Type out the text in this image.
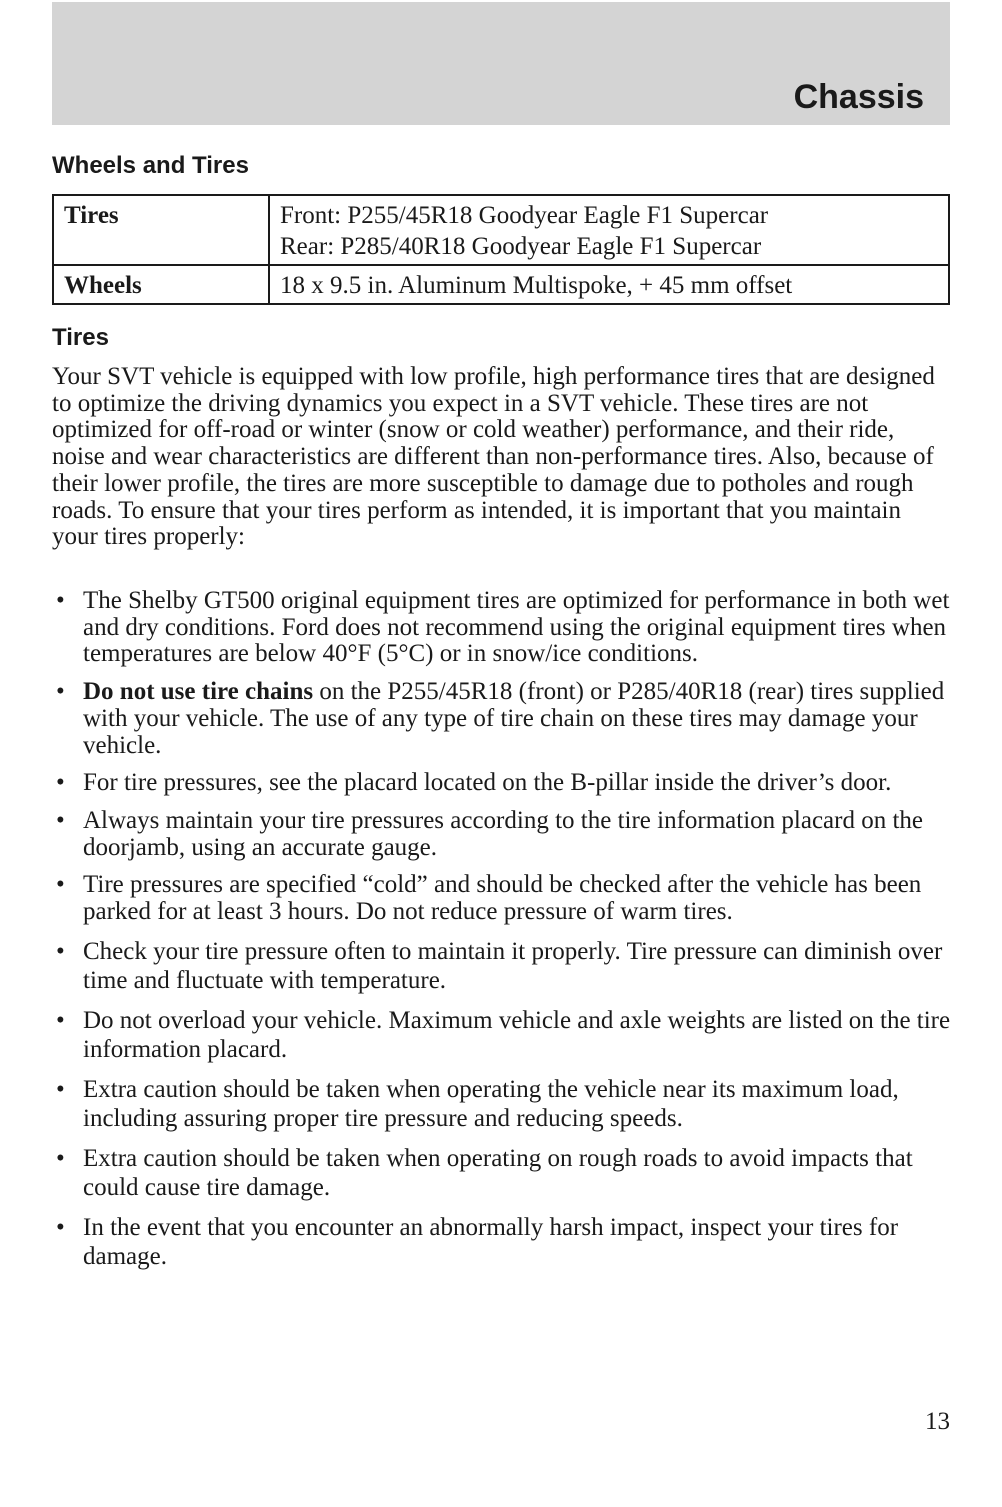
Chassis
Wheels and Tires
Tires	Front: P255/45R18 Goodyear Eagle F1 Supercar
Rear: P285/40R18 Goodyear Eagle F1 Supercar

Wheels	18 x 9.5 in. Aluminum Multispoke, + 45 mm offset
Tires

Your SVT vehicle is equipped with low profile, high performance tires that are designed to optimize the driving dynamics you expect in a SVT vehicle. These tires are not optimized for off-road or winter (snow or cold weather) performance, and their ride, noise and wear characteristics are different than non-performance tires. Also, because of their lower profile, the tires are more susceptible to damage due to potholes and rough roads. To ensure that your tires perform as intended, it is important that you maintain your tires properly:

• The Shelby GT500 original equipment tires are optimized for performance in both wet and dry conditions. Ford does not recommend using the original equipment tires when temperatures are below 40°F (5°C) or in snow/ice conditions.
• Do not use tire chains on the P255/45R18 (front) or P285/40R18 (rear) tires supplied with your vehicle. The use of any type of tire chain on these tires may damage your vehicle.
• For tire pressures, see the placard located on the B-pillar inside the driver’s door.
• Always maintain your tire pressures according to the tire information placard on the doorjamb, using an accurate gauge.
• Tire pressures are specified “cold” and should be checked after the vehicle has been parked for at least 3 hours. Do not reduce pressure of warm tires.
• Check your tire pressure often to maintain it properly. Tire pressure can diminish over time and fluctuate with temperature.
• Do not overload your vehicle. Maximum vehicle and axle weights are listed on the tire information placard.
• Extra caution should be taken when operating the vehicle near its maximum load, including assuring proper tire pressure and reducing speeds.
• Extra caution should be taken when operating on rough roads to avoid impacts that could cause tire damage.
• In the event that you encounter an abnormally harsh impact, inspect your tires for damage.
13
